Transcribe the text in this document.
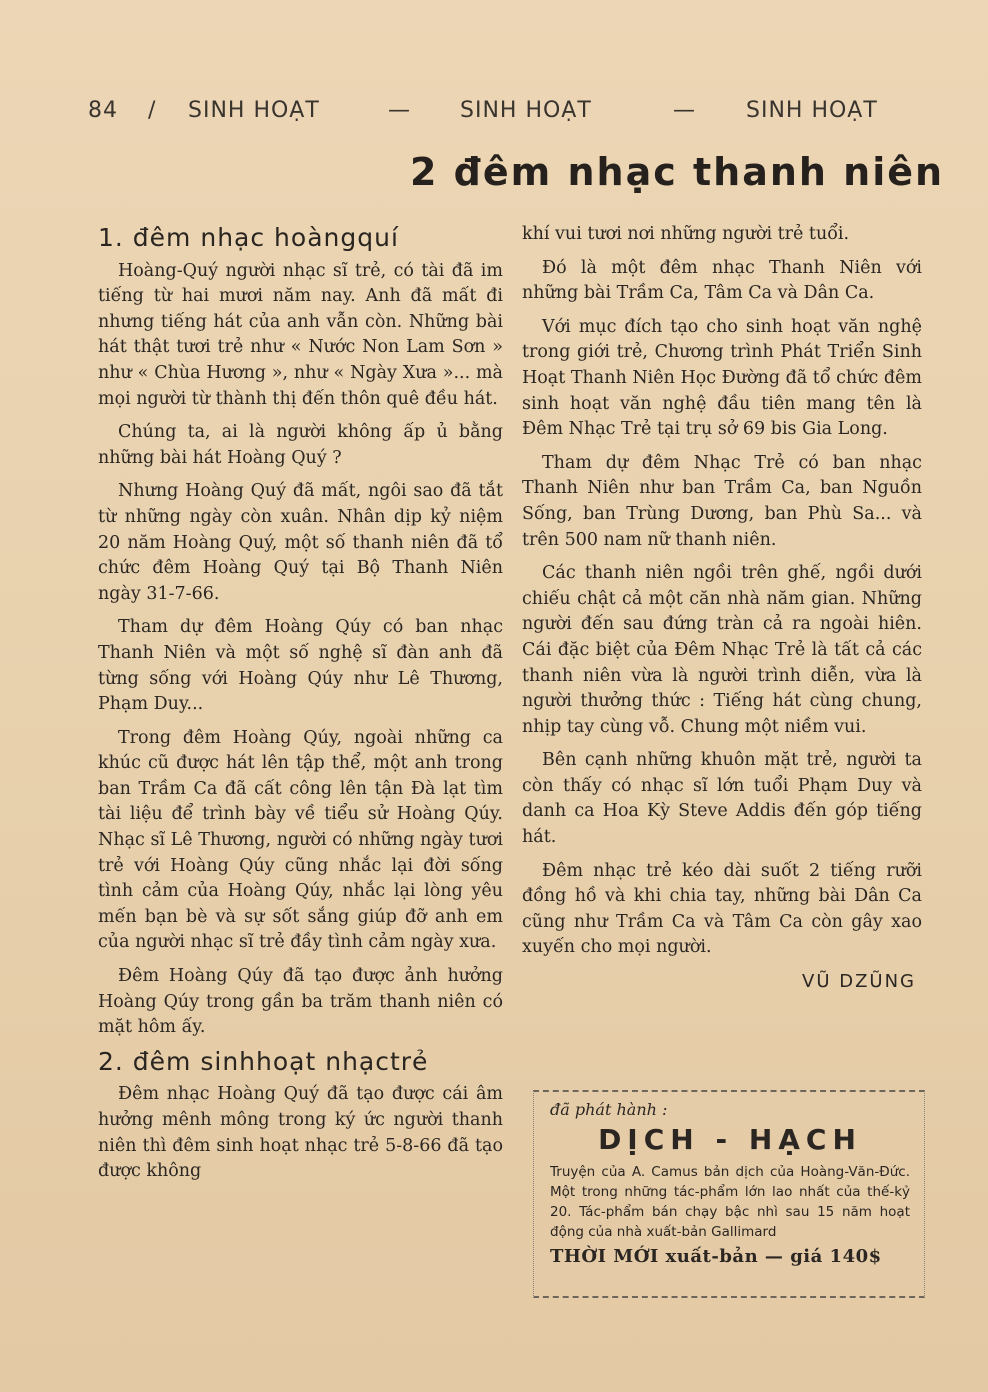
84 / SINH HOẠT	— SINH HOẠT	— SINH HOẠT
2 đêm nhạc thanh niên

1. đêm nhạc hoàngquí

Hoàng-Quý người nhạc sĩ trẻ, có tài đã im tiếng từ hai mươi năm nay. Anh đã mất đi nhưng tiếng hát của anh vẫn còn. Những bài hát thật tươi trẻ như « Nước Non Lam Sơn » như « Chùa Hương », như « Ngày Xưa »... mà mọi người từ thành thị đến thôn quê đều hát.

Chúng ta, ai là người không ấp ủ bằng những bài hát Hoàng Quý ?

Nhưng Hoàng Quý đã mất, ngôi sao đã tắt từ những ngày còn xuân. Nhân dịp kỷ niệm 20 năm Hoàng Quý, một số thanh niên đã tổ chức đêm Hoàng Quý tại Bộ Thanh Niên ngày 31-7-66.

Tham dự đêm Hoàng Qúy có ban nhạc Thanh Niên và một số nghệ sĩ đàn anh đã từng sống với Hoàng Qúy như Lê Thương, Phạm Duy...

Trong đêm Hoàng Qúy, ngoài những ca khúc cũ được hát lên tập thể, một anh trong ban Trầm Ca đã cất công lên tận Đà lạt tìm tài liệu để trình bày về tiểu sử Hoàng Qúy. Nhạc sĩ Lê Thương, người có những ngày tươi trẻ với Hoàng Qúy cũng nhắc lại đời sống tình cảm của Hoàng Qúy, nhắc lại lòng yêu mến bạn bè và sự sốt sắng giúp đỡ anh em của người nhạc sĩ trẻ đầy tình cảm ngày xưa.

Đêm Hoàng Qúy đã tạo được ảnh hưởng Hoàng Qúy trong gần ba trăm thanh niên có mặt hôm ấy.

2. đêm sinhhoạt nhạctrẻ

Đêm nhạc Hoàng Quý đã tạo được cái âm hưởng mênh mông trong ký ức người thanh niên thì đêm sinh hoạt nhạc trẻ 5-8-66 đã tạo được không

khí vui tươi nơi những người trẻ tuổi.

Đó là một đêm nhạc Thanh Niên với những bài Trầm Ca, Tâm Ca và Dân Ca.

Với mục đích tạo cho sinh hoạt văn nghệ trong giới trẻ, Chương trình Phát Triển Sinh Hoạt Thanh Niên Học Đường đã tổ chức đêm sinh hoạt văn nghệ đầu tiên mang tên là Đêm Nhạc Trẻ tại trụ sở 69 bis Gia Long.

Tham dự đêm Nhạc Trẻ có ban nhạc Thanh Niên như ban Trầm Ca, ban Nguồn Sống, ban Trùng Dương, ban Phù Sa... và trên 500 nam nữ thanh niên.

Các thanh niên ngồi trên ghế, ngồi dưới chiếu chật cả một căn nhà năm gian. Những người đến sau đứng tràn cả ra ngoài hiên. Cái đặc biệt của Đêm Nhạc Trẻ là tất cả các thanh niên vừa là người trình diễn, vừa là người thưởng thức : Tiếng hát cùng chung, nhịp tay cùng vỗ. Chung một niềm vui.

Bên cạnh những khuôn mặt trẻ, người ta còn thấy có nhạc sĩ lớn tuổi Phạm Duy và danh ca Hoa Kỳ Steve Addis đến góp tiếng hát.

Đêm nhạc trẻ kéo dài suốt 2 tiếng rưỡi đồng hồ và khi chia tay, những bài Dân Ca cũng như Trầm Ca và Tâm Ca còn gây xao xuyến cho mọi người.

VŨ DZŨNG

đã phát hành :

DỊCH - HẠCH

Truyện của A. Camus bản dịch của Hoàng-Văn-Đức. Một trong những tác-phẩm lớn lao nhất của thế-kỷ 20. Tác-phẩm bán chạy bậc nhì sau 15 năm hoạt động của nhà xuất-bản Gallimard

THỜI MỚI xuất-bản — giá 140$
